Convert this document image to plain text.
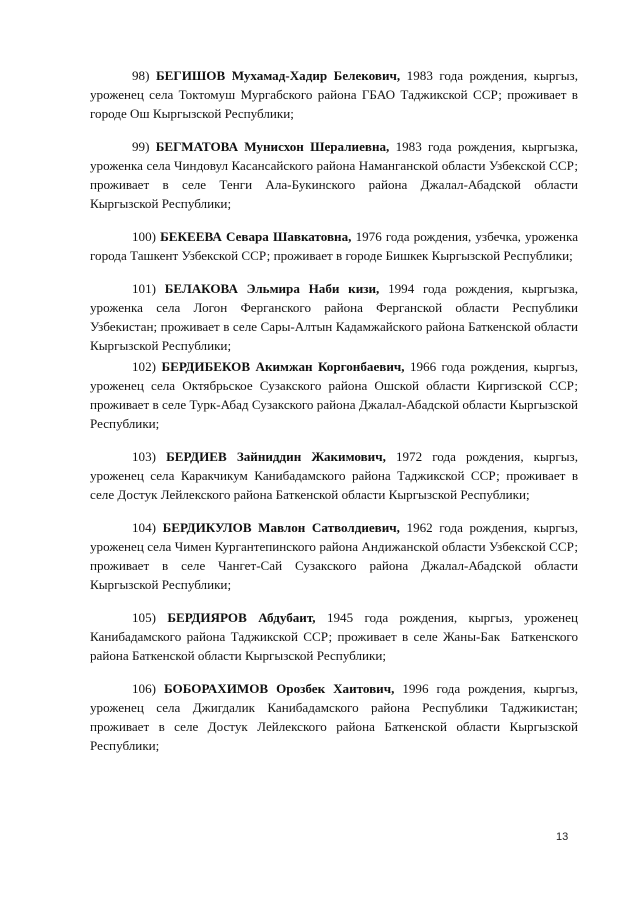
98) БЕГИШОВ Мухамад-Хадир Белекович, 1983 года рождения, кыргыз, уроженец села Токтомуш Мургабского района ГБАО Таджикской ССР; проживает в городе Ош Кыргызской Республики;

99) БЕГМАТОВА Мунисхон Шералиевна, 1983 года рождения, кыргызка, уроженка села Чиндовул Касансайского района Наманганской области Узбекской ССР; проживает в селе Тенги Ала-Букинского района Джалал-Абадской области Кыргызской Республики;

100) БЕКЕЕВА Севара Шавкатовна, 1976 года рождения, узбечка, уроженка города Ташкент Узбекской ССР; проживает в городе Бишкек Кыргызской Республики;

101) БЕЛАКОВА Эльмира Наби кизи, 1994 года рождения, кыргызка, уроженка села Логон Ферганского района Ферганской области Республики Узбекистан; проживает в селе Сары-Алтын Кадамжайского района Баткенской области Кыргызской Республики;

102) БЕРДИБЕКОВ Акимжан Коргонбаевич, 1966 года рождения, кыргыз, уроженец села Октябрьское Сузакского района Ошской области Киргизской ССР; проживает в селе Турк-Абад Сузакского района Джалал-Абадской области Кыргызской Республики;

103) БЕРДИЕВ Зайниддин Жакимович, 1972 года рождения, кыргыз, уроженец села Каракчикум Канибадамского района Таджикской ССР; проживает в селе Достук Лейлекского района Баткенской области Кыргызской Республики;

104) БЕРДИКУЛОВ Мавлон Сатволдиевич, 1962 года рождения, кыргыз, уроженец села Чимен Кургантепинского района Андижанской области Узбекской ССР; проживает в селе Чангет-Сай Сузакского района Джалал-Абадской области Кыргызской Республики;

105) БЕРДИЯРОВ Абдубаит, 1945 года рождения, кыргыз, уроженец Канибадамского района Таджикской ССР; проживает в селе Жаны-Бак  Баткенского района Баткенской области Кыргызской Республики;

106) БОБОРАХИМОВ Орозбек Хаитович, 1996 года рождения, кыргыз, уроженец села Джигдалик Канибадамского района Республики Таджикистан; проживает в селе Достук Лейлекского района Баткенской области Кыргызской Республики;

13
